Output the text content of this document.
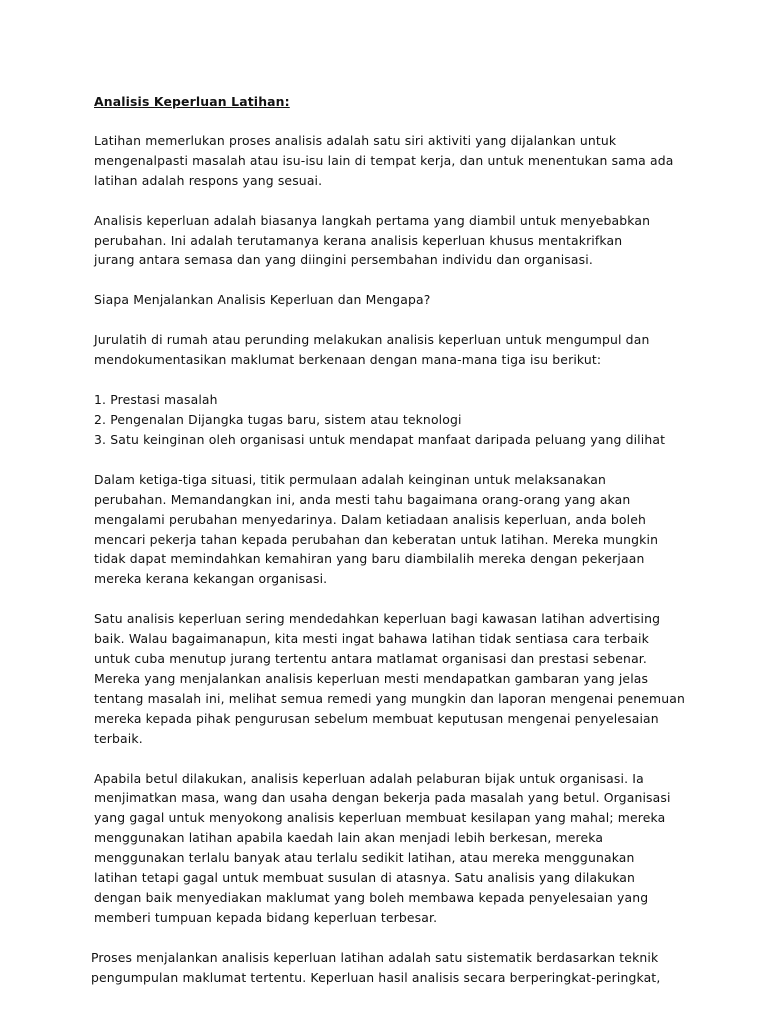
Analisis Keperluan Latihan:
Latihan memerlukan proses analisis adalah satu siri aktiviti yang dijalankan untuk
mengenalpasti masalah atau isu-isu lain di tempat kerja, dan untuk menentukan sama ada
latihan adalah respons yang sesuai.
Analisis keperluan adalah biasanya langkah pertama yang diambil untuk menyebabkan
perubahan. Ini adalah terutamanya kerana analisis keperluan khusus mentakrifkan
jurang antara semasa dan yang diingini persembahan individu dan organisasi.
Siapa Menjalankan Analisis Keperluan dan Mengapa?
Jurulatih di rumah atau perunding melakukan analisis keperluan untuk mengumpul dan
mendokumentasikan maklumat berkenaan dengan mana-mana tiga isu berikut:
1. Prestasi masalah
2. Pengenalan Dijangka tugas baru, sistem atau teknologi
3. Satu keinginan oleh organisasi untuk mendapat manfaat daripada peluang yang dilihat
Dalam ketiga-tiga situasi, titik permulaan adalah keinginan untuk melaksanakan
perubahan. Memandangkan ini, anda mesti tahu bagaimana orang-orang yang akan
mengalami perubahan menyedarinya. Dalam ketiadaan analisis keperluan, anda boleh
mencari pekerja tahan kepada perubahan dan keberatan untuk latihan. Mereka mungkin
tidak dapat memindahkan kemahiran yang baru diambilalih mereka dengan pekerjaan
mereka kerana kekangan organisasi.
Satu analisis keperluan sering mendedahkan keperluan bagi kawasan latihan advertising
baik. Walau bagaimanapun, kita mesti ingat bahawa latihan tidak sentiasa cara terbaik
untuk cuba menutup jurang tertentu antara matlamat organisasi dan prestasi sebenar.
Mereka yang menjalankan analisis keperluan mesti mendapatkan gambaran yang jelas
tentang masalah ini, melihat semua remedi yang mungkin dan laporan mengenai penemuan
mereka kepada pihak pengurusan sebelum membuat keputusan mengenai penyelesaian
terbaik.
Apabila betul dilakukan, analisis keperluan adalah pelaburan bijak untuk organisasi. Ia
menjimatkan masa, wang dan usaha dengan bekerja pada masalah yang betul. Organisasi
yang gagal untuk menyokong analisis keperluan membuat kesilapan yang mahal; mereka
menggunakan latihan apabila kaedah lain akan menjadi lebih berkesan, mereka
menggunakan terlalu banyak atau terlalu sedikit latihan, atau mereka menggunakan
latihan tetapi gagal untuk membuat susulan di atasnya. Satu analisis yang dilakukan
dengan baik menyediakan maklumat yang boleh membawa kepada penyelesaian yang
memberi tumpuan kepada bidang keperluan terbesar.
Proses menjalankan analisis keperluan latihan adalah satu sistematik berdasarkan teknik
pengumpulan maklumat tertentu. Keperluan hasil analisis secara berperingkat-peringkat,
